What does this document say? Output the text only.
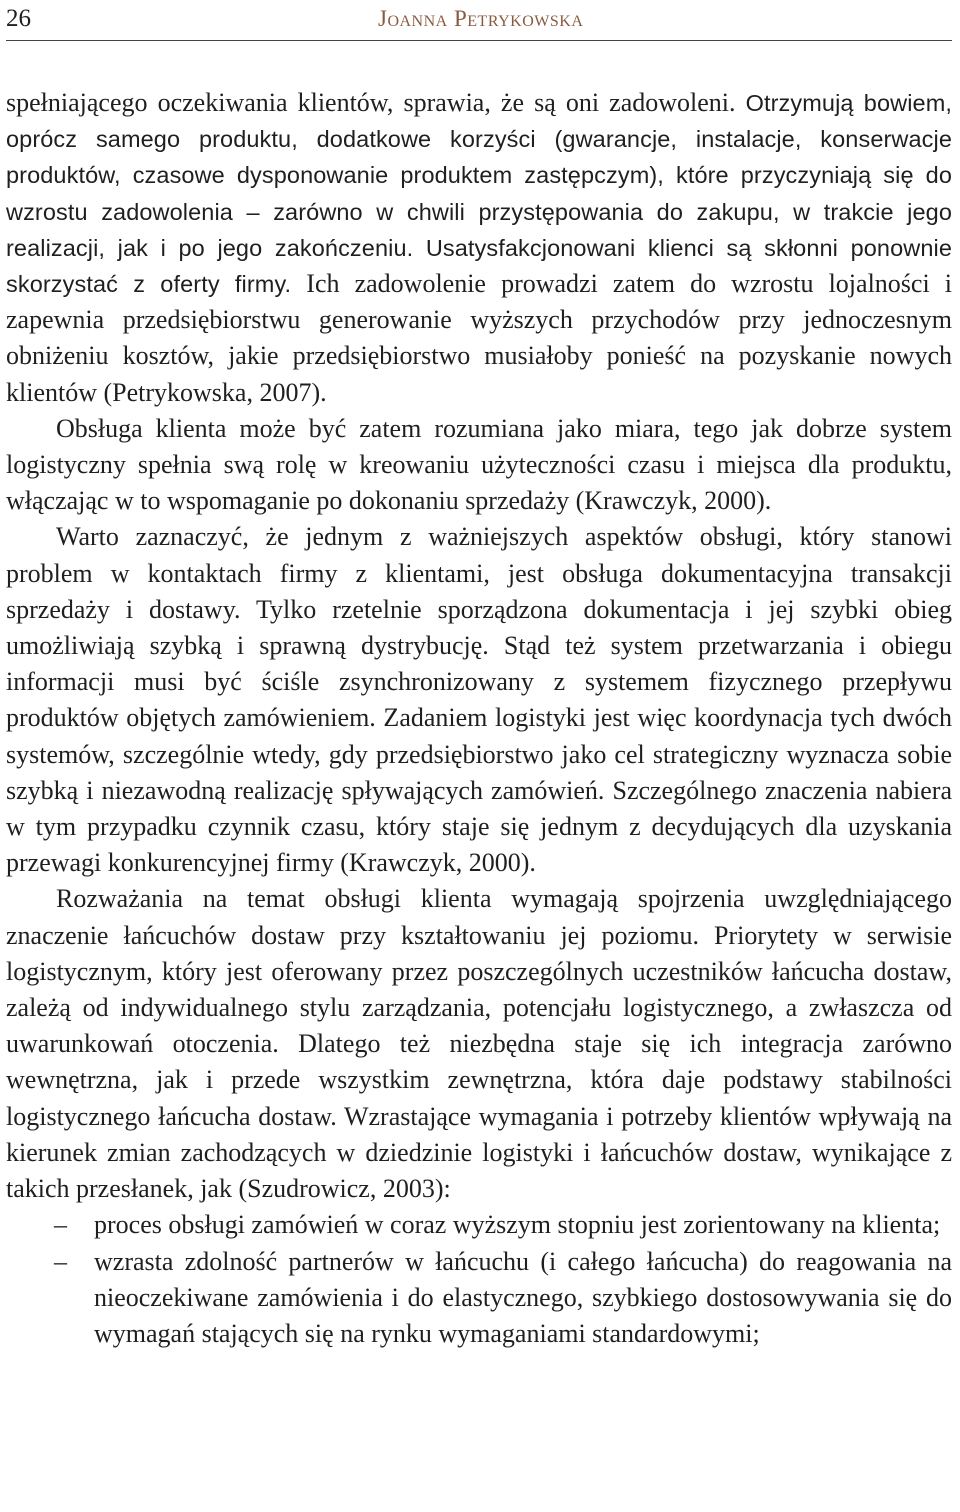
26	Joanna Petrykowska

spełniającego oczekiwania klientów, sprawia, że są oni zadowoleni. Otrzymują bowiem, oprócz samego produktu, dodatkowe korzyści (gwarancje, instalacje, konserwacje produktów, czasowe dysponowanie produktem zastępczym), które przyczyniają się do wzrostu zadowolenia – zarówno w chwili przystępowania do zakupu, w trakcie jego realizacji, jak i po jego zakończeniu. Usatysfakcjonowani klienci są skłonni ponownie skorzystać z oferty firmy. Ich zadowolenie prowadzi zatem do wzrostu lojalności i zapewnia przedsiębiorstwu generowanie wyższych przychodów przy jednoczesnym obniżeniu kosztów, jakie przedsiębiorstwo musiałoby ponieść na pozyskanie nowych klientów (Petrykowska, 2007).

Obsługa klienta może być zatem rozumiana jako miara, tego jak dobrze system logistyczny spełnia swą rolę w kreowaniu użyteczności czasu i miejsca dla produktu, włączając w to wspomaganie po dokonaniu sprzedaży (Krawczyk, 2000).

Warto zaznaczyć, że jednym z ważniejszych aspektów obsługi, który stanowi problem w kontaktach firmy z klientami, jest obsługa dokumentacyjna transakcji sprzedaży i dostawy. Tylko rzetelnie sporządzona dokumentacja i jej szybki obieg umożliwiają szybką i sprawną dystrybucję. Stąd też system przetwarzania i obiegu informacji musi być ściśle zsynchronizowany z systemem fizycznego przepływu produktów objętych zamówieniem. Zadaniem logistyki jest więc koordynacja tych dwóch systemów, szczególnie wtedy, gdy przedsiębiorstwo jako cel strategiczny wyznacza sobie szybką i niezawodną realizację spływających zamówień. Szczególnego znaczenia nabiera w tym przypadku czynnik czasu, który staje się jednym z decydujących dla uzyskania przewagi konkurencyjnej firmy (Krawczyk, 2000).

Rozważania na temat obsługi klienta wymagają spojrzenia uwzględniającego znaczenie łańcuchów dostaw przy kształtowaniu jej poziomu. Priorytety w serwisie logistycznym, który jest oferowany przez poszczególnych uczestników łańcucha dostaw, zależą od indywidualnego stylu zarządzania, potencjału logistycznego, a zwłaszcza od uwarunkowań otoczenia. Dlatego też niezbędna staje się ich integracja zarówno wewnętrzna, jak i przede wszystkim zewnętrzna, która daje podstawy stabilności logistycznego łańcucha dostaw. Wzrastające wymagania i potrzeby klientów wpływają na kierunek zmian zachodzących w dziedzinie logistyki i łańcuchów dostaw, wynikające z takich przesłanek, jak (Szudrowicz, 2003):

– proces obsługi zamówień w coraz wyższym stopniu jest zorientowany na klienta;
– wzrasta zdolność partnerów w łańcuchu (i całego łańcucha) do reagowania na nieoczekiwane zamówienia i do elastycznego, szybkiego dostosowywania się do wymagań stających się na rynku wymaganiami standardowymi;
